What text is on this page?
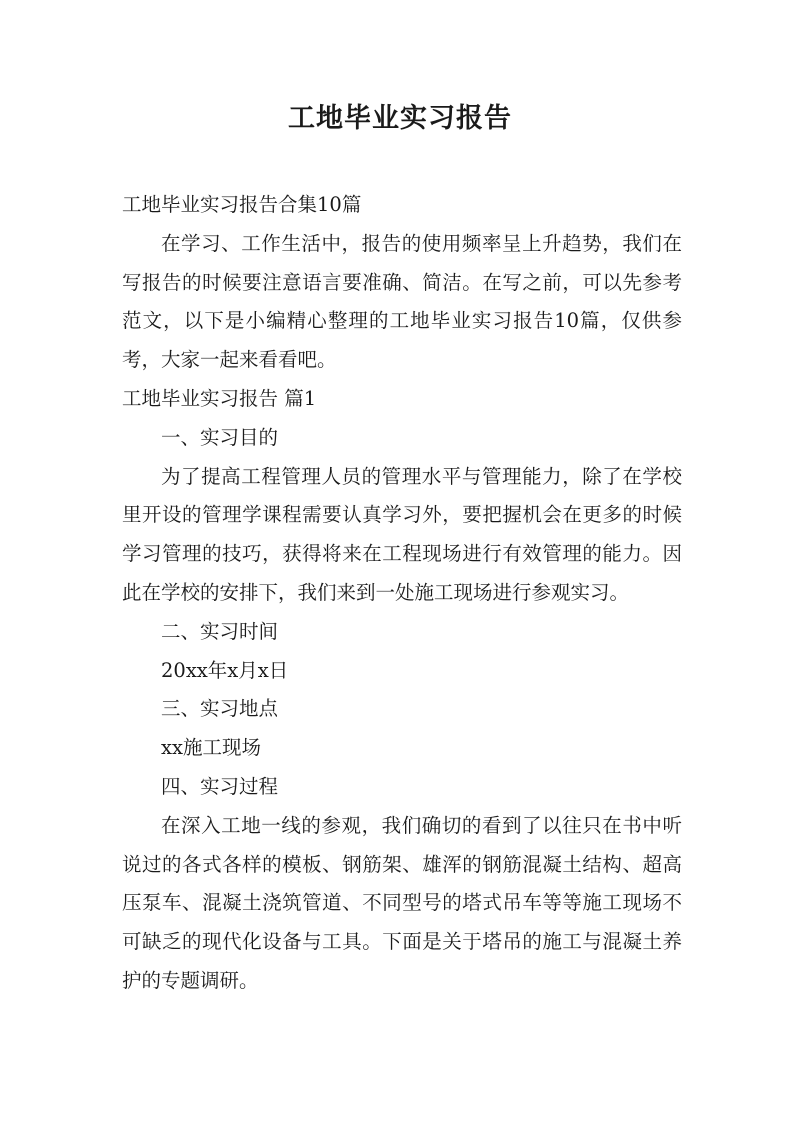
工地毕业实习报告

工地毕业实习报告合集10篇

在学习、工作生活中，报告的使用频率呈上升趋势，我们在写报告的时候要注意语言要准确、简洁。在写之前，可以先参考范文，以下是小编精心整理的工地毕业实习报告10篇，仅供参考，大家一起来看看吧。

工地毕业实习报告 篇1

一、实习目的

为了提高工程管理人员的管理水平与管理能力，除了在学校里开设的管理学课程需要认真学习外，要把握机会在更多的时候学习管理的技巧，获得将来在工程现场进行有效管理的能力。因此在学校的安排下，我们来到一处施工现场进行参观实习。

二、实习时间

20xx年x月x日

三、实习地点

xx施工现场

四、实习过程

在深入工地一线的参观，我们确切的看到了以往只在书中听说过的各式各样的模板、钢筋架、雄浑的钢筋混凝土结构、超高压泵车、混凝土浇筑管道、不同型号的塔式吊车等等施工现场不可缺乏的现代化设备与工具。下面是关于塔吊的施工与混凝土养护的专题调研。
